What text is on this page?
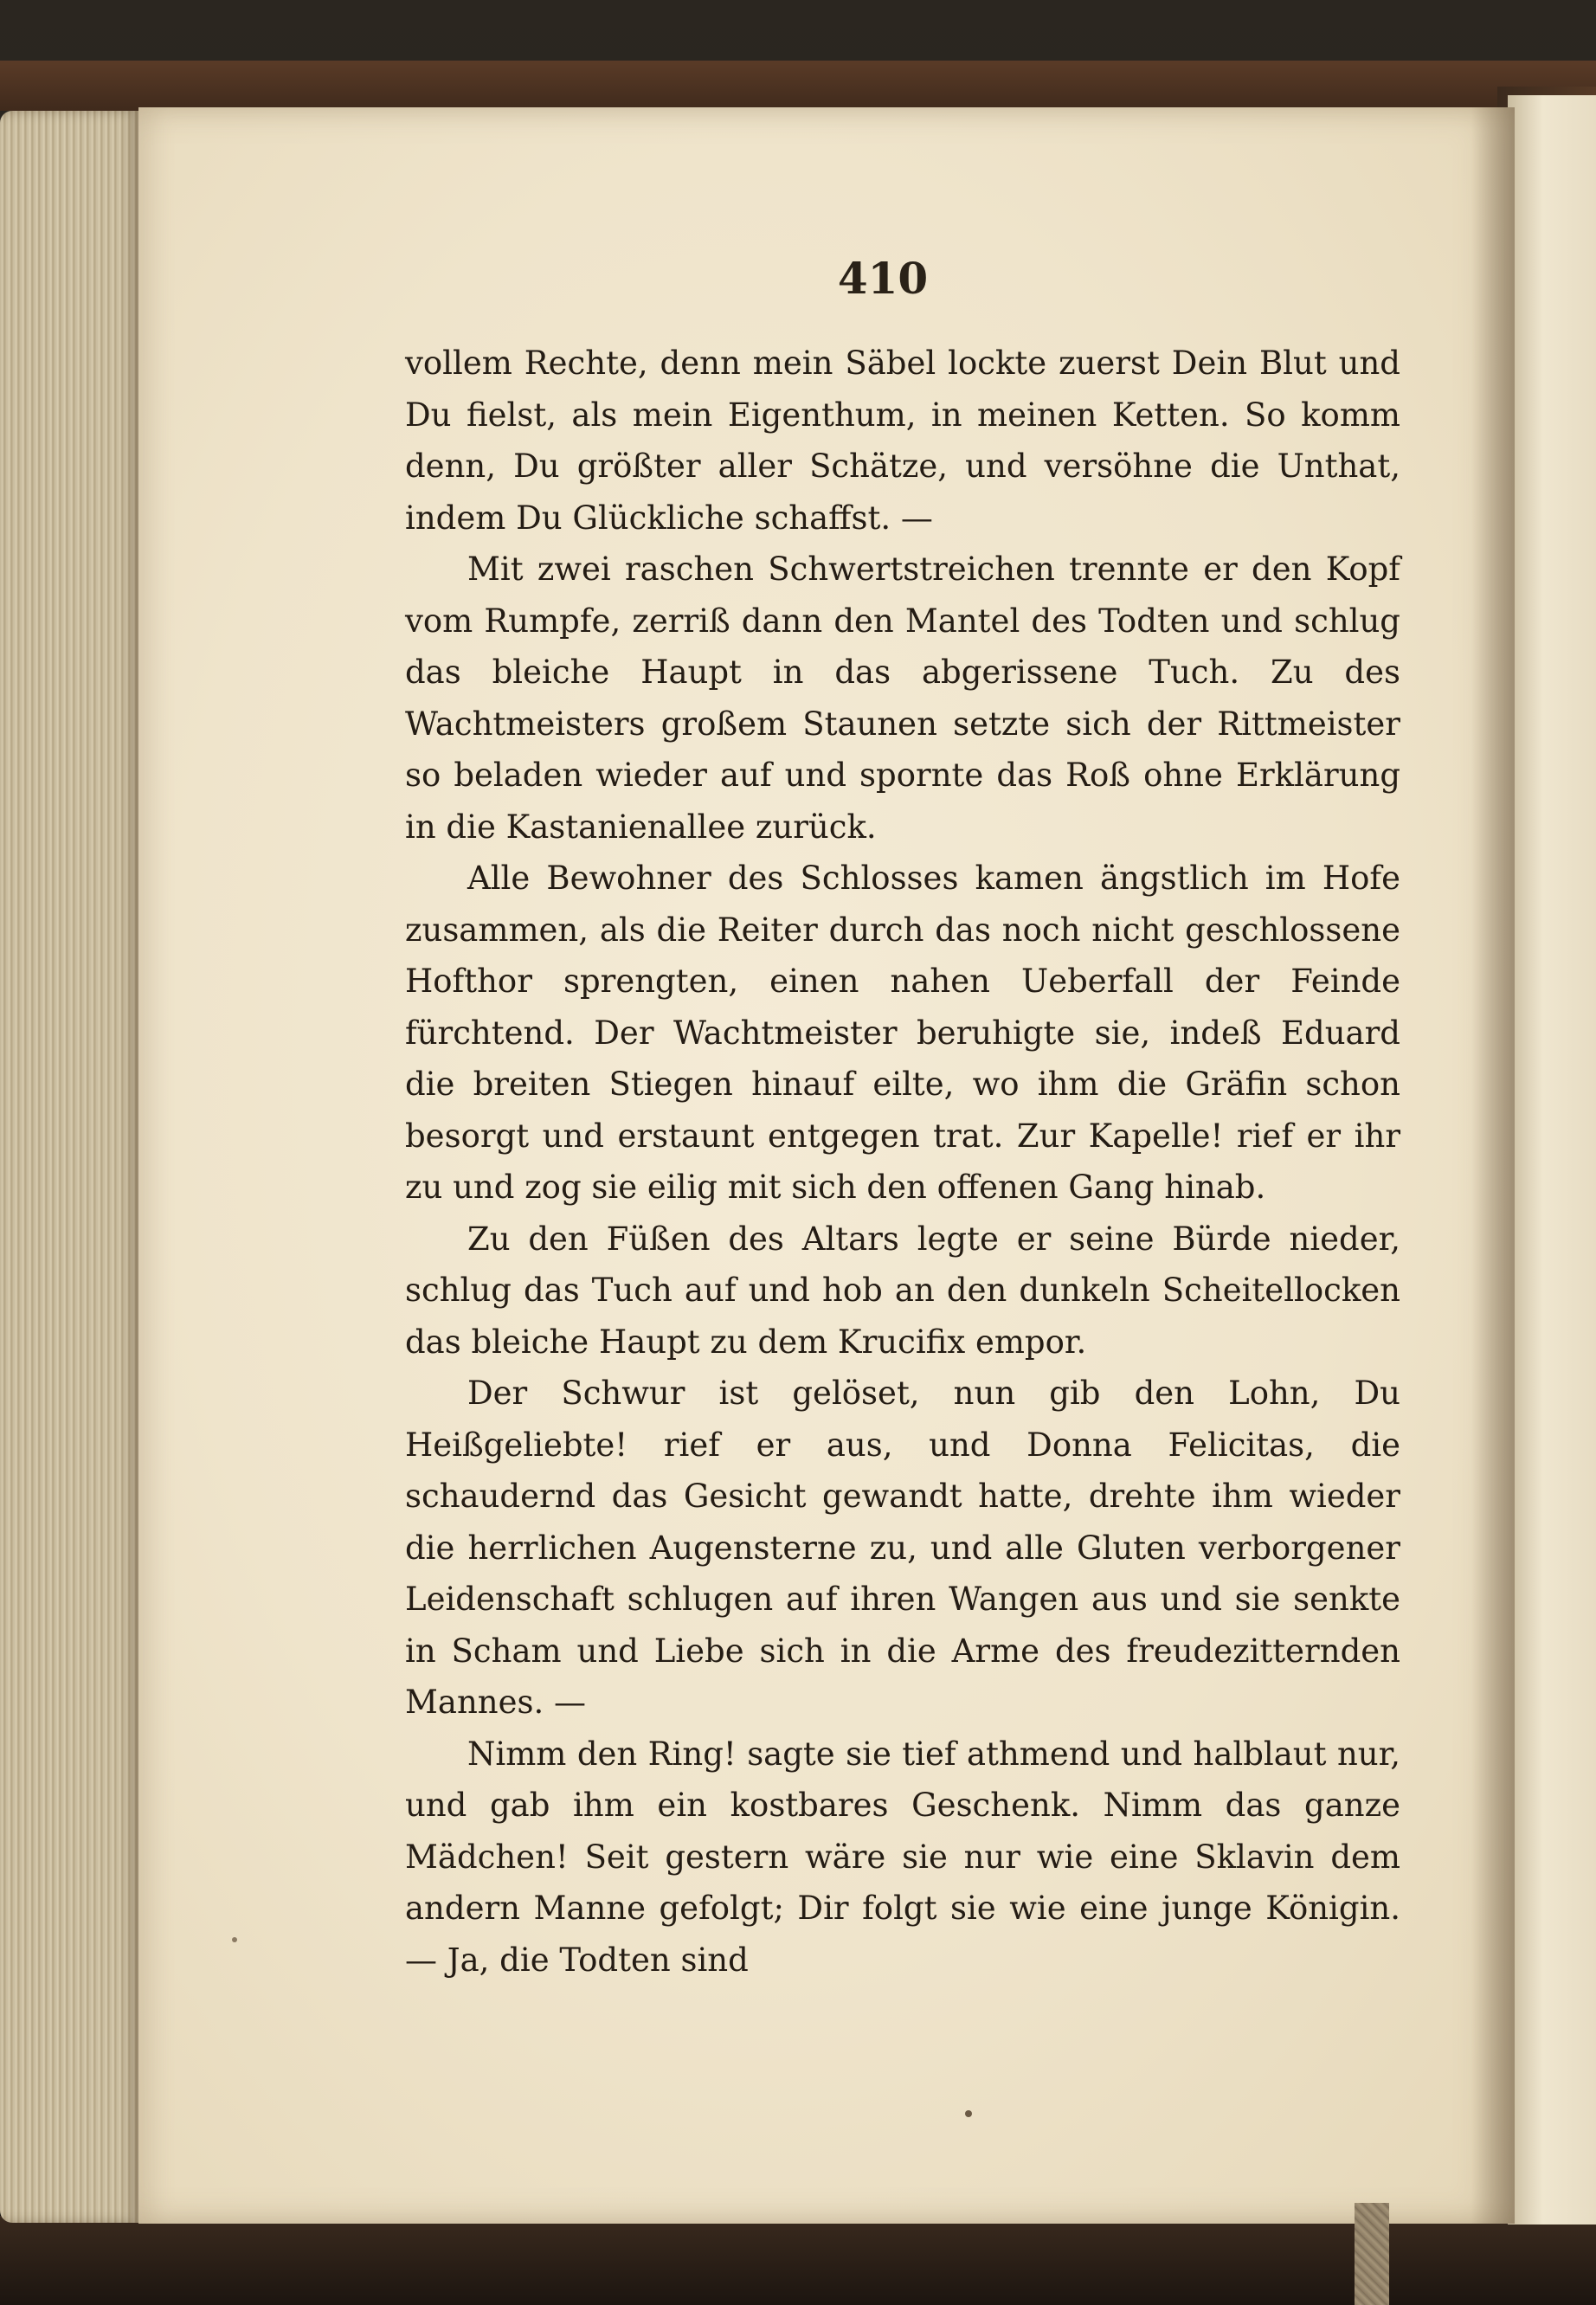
410

vollem Rechte, denn mein Säbel lockte zuerst Dein Blut und Du fielst, als mein Eigenthum, in meinen Ketten. So komm denn, Du größter aller Schätze, und versöhne die Unthat, indem Du Glückliche schaffst. —

Mit zwei raschen Schwertstreichen trennte er den Kopf vom Rumpfe, zerriß dann den Mantel des Todten und schlug das bleiche Haupt in das abgerissene Tuch. Zu des Wachtmeisters großem Staunen setzte sich der Rittmeister so beladen wieder auf und spornte das Roß ohne Erklärung in die Kastanienallee zurück.

Alle Bewohner des Schlosses kamen ängstlich im Hofe zusammen, als die Reiter durch das noch nicht geschlossene Hofthor sprengten, einen nahen Ueberfall der Feinde fürchtend. Der Wachtmeister beruhigte sie, indeß Eduard die breiten Stiegen hinauf eilte, wo ihm die Gräfin schon besorgt und erstaunt entgegen trat. Zur Kapelle! rief er ihr zu und zog sie eilig mit sich den offenen Gang hinab.

Zu den Füßen des Altars legte er seine Bürde nieder, schlug das Tuch auf und hob an den dunkeln Scheitellocken das bleiche Haupt zu dem Krucifix empor.

Der Schwur ist gelöset, nun gib den Lohn, Du Heißgeliebte! rief er aus, und Donna Felicitas, die schaudernd das Gesicht gewandt hatte, drehte ihm wieder die herrlichen Augensterne zu, und alle Gluten verborgener Leidenschaft schlugen auf ihren Wangen aus und sie senkte in Scham und Liebe sich in die Arme des freudezitternden Mannes. —

Nimm den Ring! sagte sie tief athmend und halblaut nur, und gab ihm ein kostbares Geschenk. Nimm das ganze Mädchen! Seit gestern wäre sie nur wie eine Sklavin dem andern Manne gefolgt; Dir folgt sie wie eine junge Königin. — Ja, die Todten sind
